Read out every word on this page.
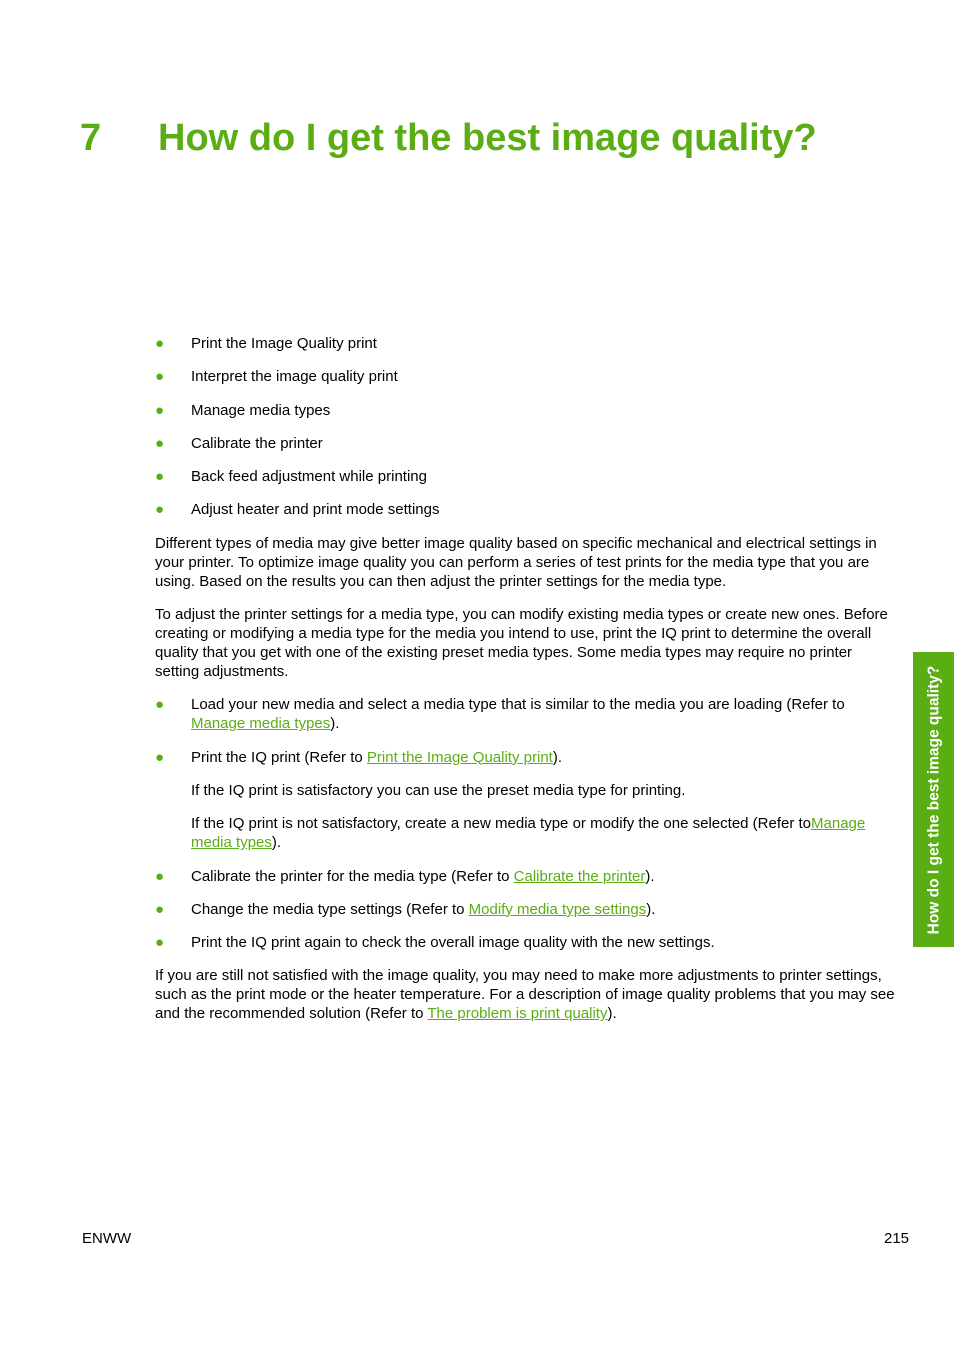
7 How do I get the best image quality?
● Print the Image Quality print
● Interpret the image quality print
● Manage media types
● Calibrate the printer
● Back feed adjustment while printing
● Adjust heater and print mode settings

Different types of media may give better image quality based on specific mechanical and electrical settings in your printer. To optimize image quality you can perform a series of test prints for the media type that you are using. Based on the results you can then adjust the printer settings for the media type.

To adjust the printer settings for a media type, you can modify existing media types or create new ones. Before creating or modifying a media type for the media you intend to use, print the IQ print to determine the overall quality that you get with one of the existing preset media types. Some media types may require no printer setting adjustments.

● Load your new media and select a media type that is similar to the media you are loading (Refer to Manage media types).

● Print the IQ print (Refer to Print the Image Quality print).

If the IQ print is satisfactory you can use the preset media type for printing.

If the IQ print is not satisfactory, create a new media type or modify the one selected (Refer toManage media types).

● Calibrate the printer for the media type (Refer to Calibrate the printer).
● Change the media type settings (Refer to Modify media type settings).
● Print the IQ print again to check the overall image quality with the new settings.

If you are still not satisfied with the image quality, you may need to make more adjustments to printer settings, such as the print mode or the heater temperature. For a description of image quality problems that you may see and the recommended solution (Refer to The problem is print quality).

How do I get the best image quality?
ENWW	215
